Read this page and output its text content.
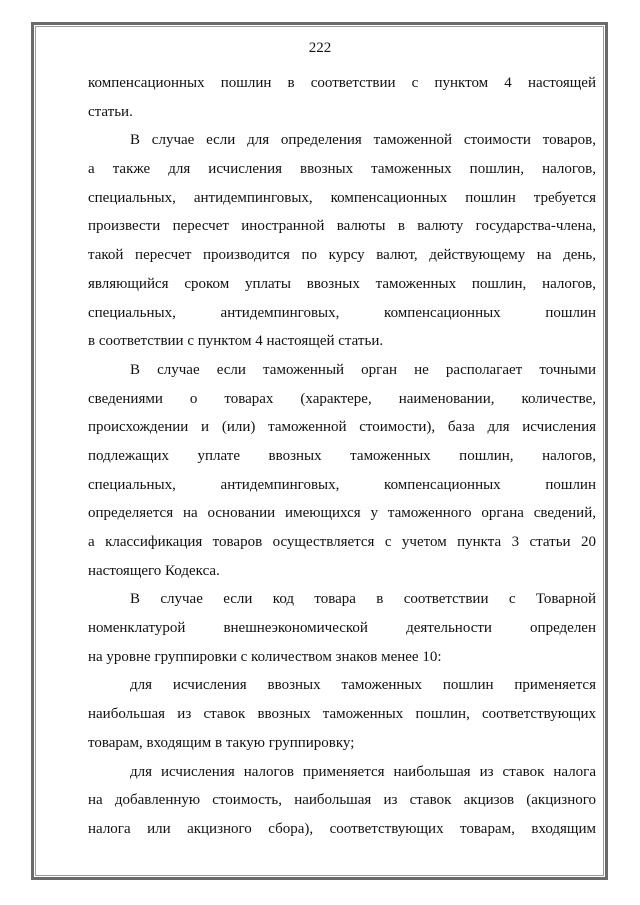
222
компенсационных пошлин в соответствии с пунктом 4 настоящей
статьи.
В случае если для определения таможенной стоимости товаров,
а также для исчисления ввозных таможенных пошлин, налогов,
специальных, антидемпинговых, компенсационных пошлин требуется
произвести пересчет иностранной валюты в валюту государства-члена,
такой пересчет производится по курсу валют, действующему на день,
являющийся сроком уплаты ввозных таможенных пошлин, налогов,
специальных, антидемпинговых, компенсационных пошлин
в соответствии с пунктом 4 настоящей статьи.
В случае если таможенный орган не располагает точными
сведениями о товарах (характере, наименовании, количестве,
происхождении и (или) таможенной стоимости), база для исчисления
подлежащих уплате ввозных таможенных пошлин, налогов,
специальных, антидемпинговых, компенсационных пошлин
определяется на основании имеющихся у таможенного органа сведений,
а классификация товаров осуществляется с учетом пункта 3 статьи 20
настоящего Кодекса.
В случае если код товара в соответствии с Товарной
номенклатурой внешнеэкономической деятельности определен
на уровне группировки с количеством знаков менее 10:
для исчисления ввозных таможенных пошлин применяется
наибольшая из ставок ввозных таможенных пошлин, соответствующих
товарам, входящим в такую группировку;
для исчисления налогов применяется наибольшая из ставок налога
на добавленную стоимость, наибольшая из ставок акцизов (акцизного
налога или акцизного сбора), соответствующих товарам, входящим
